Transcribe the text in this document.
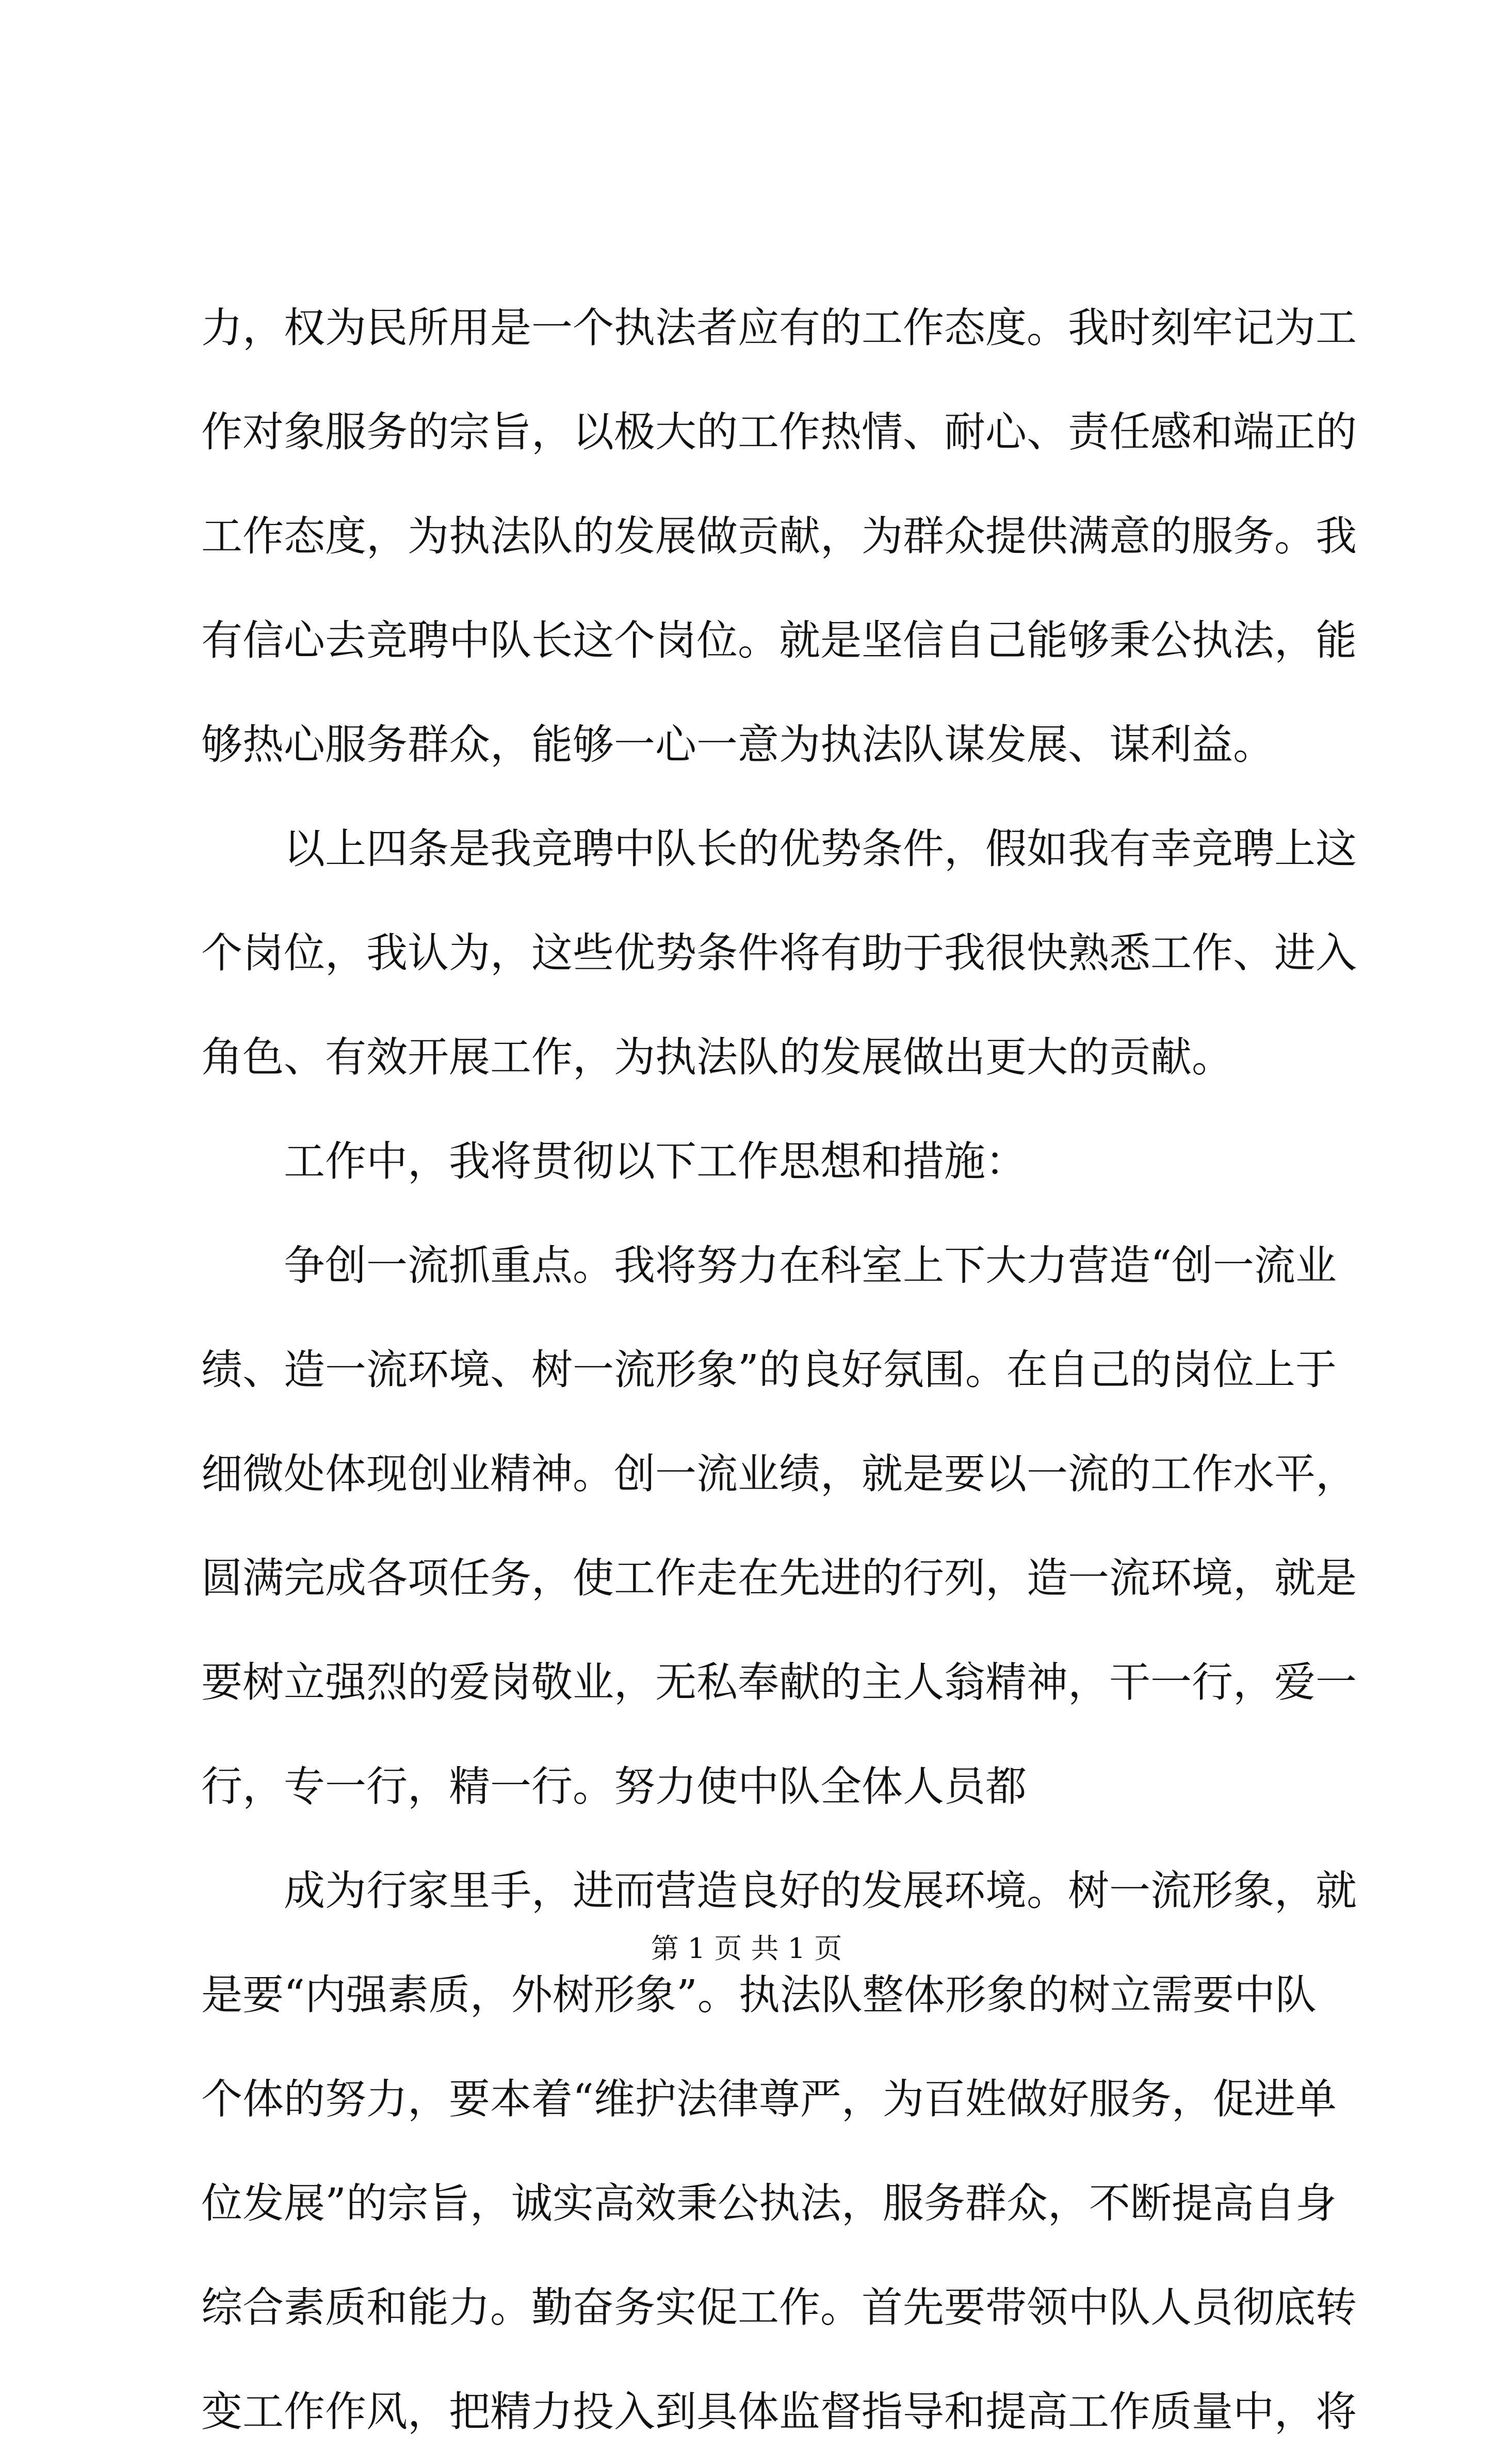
力，权为民所用是一个执法者应有的工作态度。我时刻牢记为工
作对象服务的宗旨，以极大的工作热情、耐心、责任感和端正的
工作态度，为执法队的发展做贡献，为群众提供满意的服务。我
有信心去竞聘中队长这个岗位。就是坚信自己能够秉公执法，能
够热心服务群众，能够一心一意为执法队谋发展、谋利益。
以上四条是我竞聘中队长的优势条件，假如我有幸竞聘上这
个岗位，我认为，这些优势条件将有助于我很快熟悉工作、进入
角色、有效开展工作，为执法队的发展做出更大的贡献。
工作中，我将贯彻以下工作思想和措施：
争创一流抓重点。我将努力在科室上下大力营造“创一流业
绩、造一流环境、树一流形象”的良好氛围。在自己的岗位上于
细微处体现创业精神。创一流业绩，就是要以一流的工作水平，
圆满完成各项任务，使工作走在先进的行列，造一流环境，就是
要树立强烈的爱岗敬业，无私奉献的主人翁精神，干一行，爱一
行，专一行，精一行。努力使中队全体人员都
成为行家里手，进而营造良好的发展环境。树一流形象，就
是要“内强素质，外树形象”。执法队整体形象的树立需要中队
个体的努力，要本着“维护法律尊严，为百姓做好服务，促进单
位发展”的宗旨，诚实高效秉公执法，服务群众，不断提高自身
综合素质和能力。勤奋务实促工作。首先要带领中队人员彻底转
变工作作风，把精力投入到具体监督指导和提高工作质量中，将
第 1 页 共 1 页
